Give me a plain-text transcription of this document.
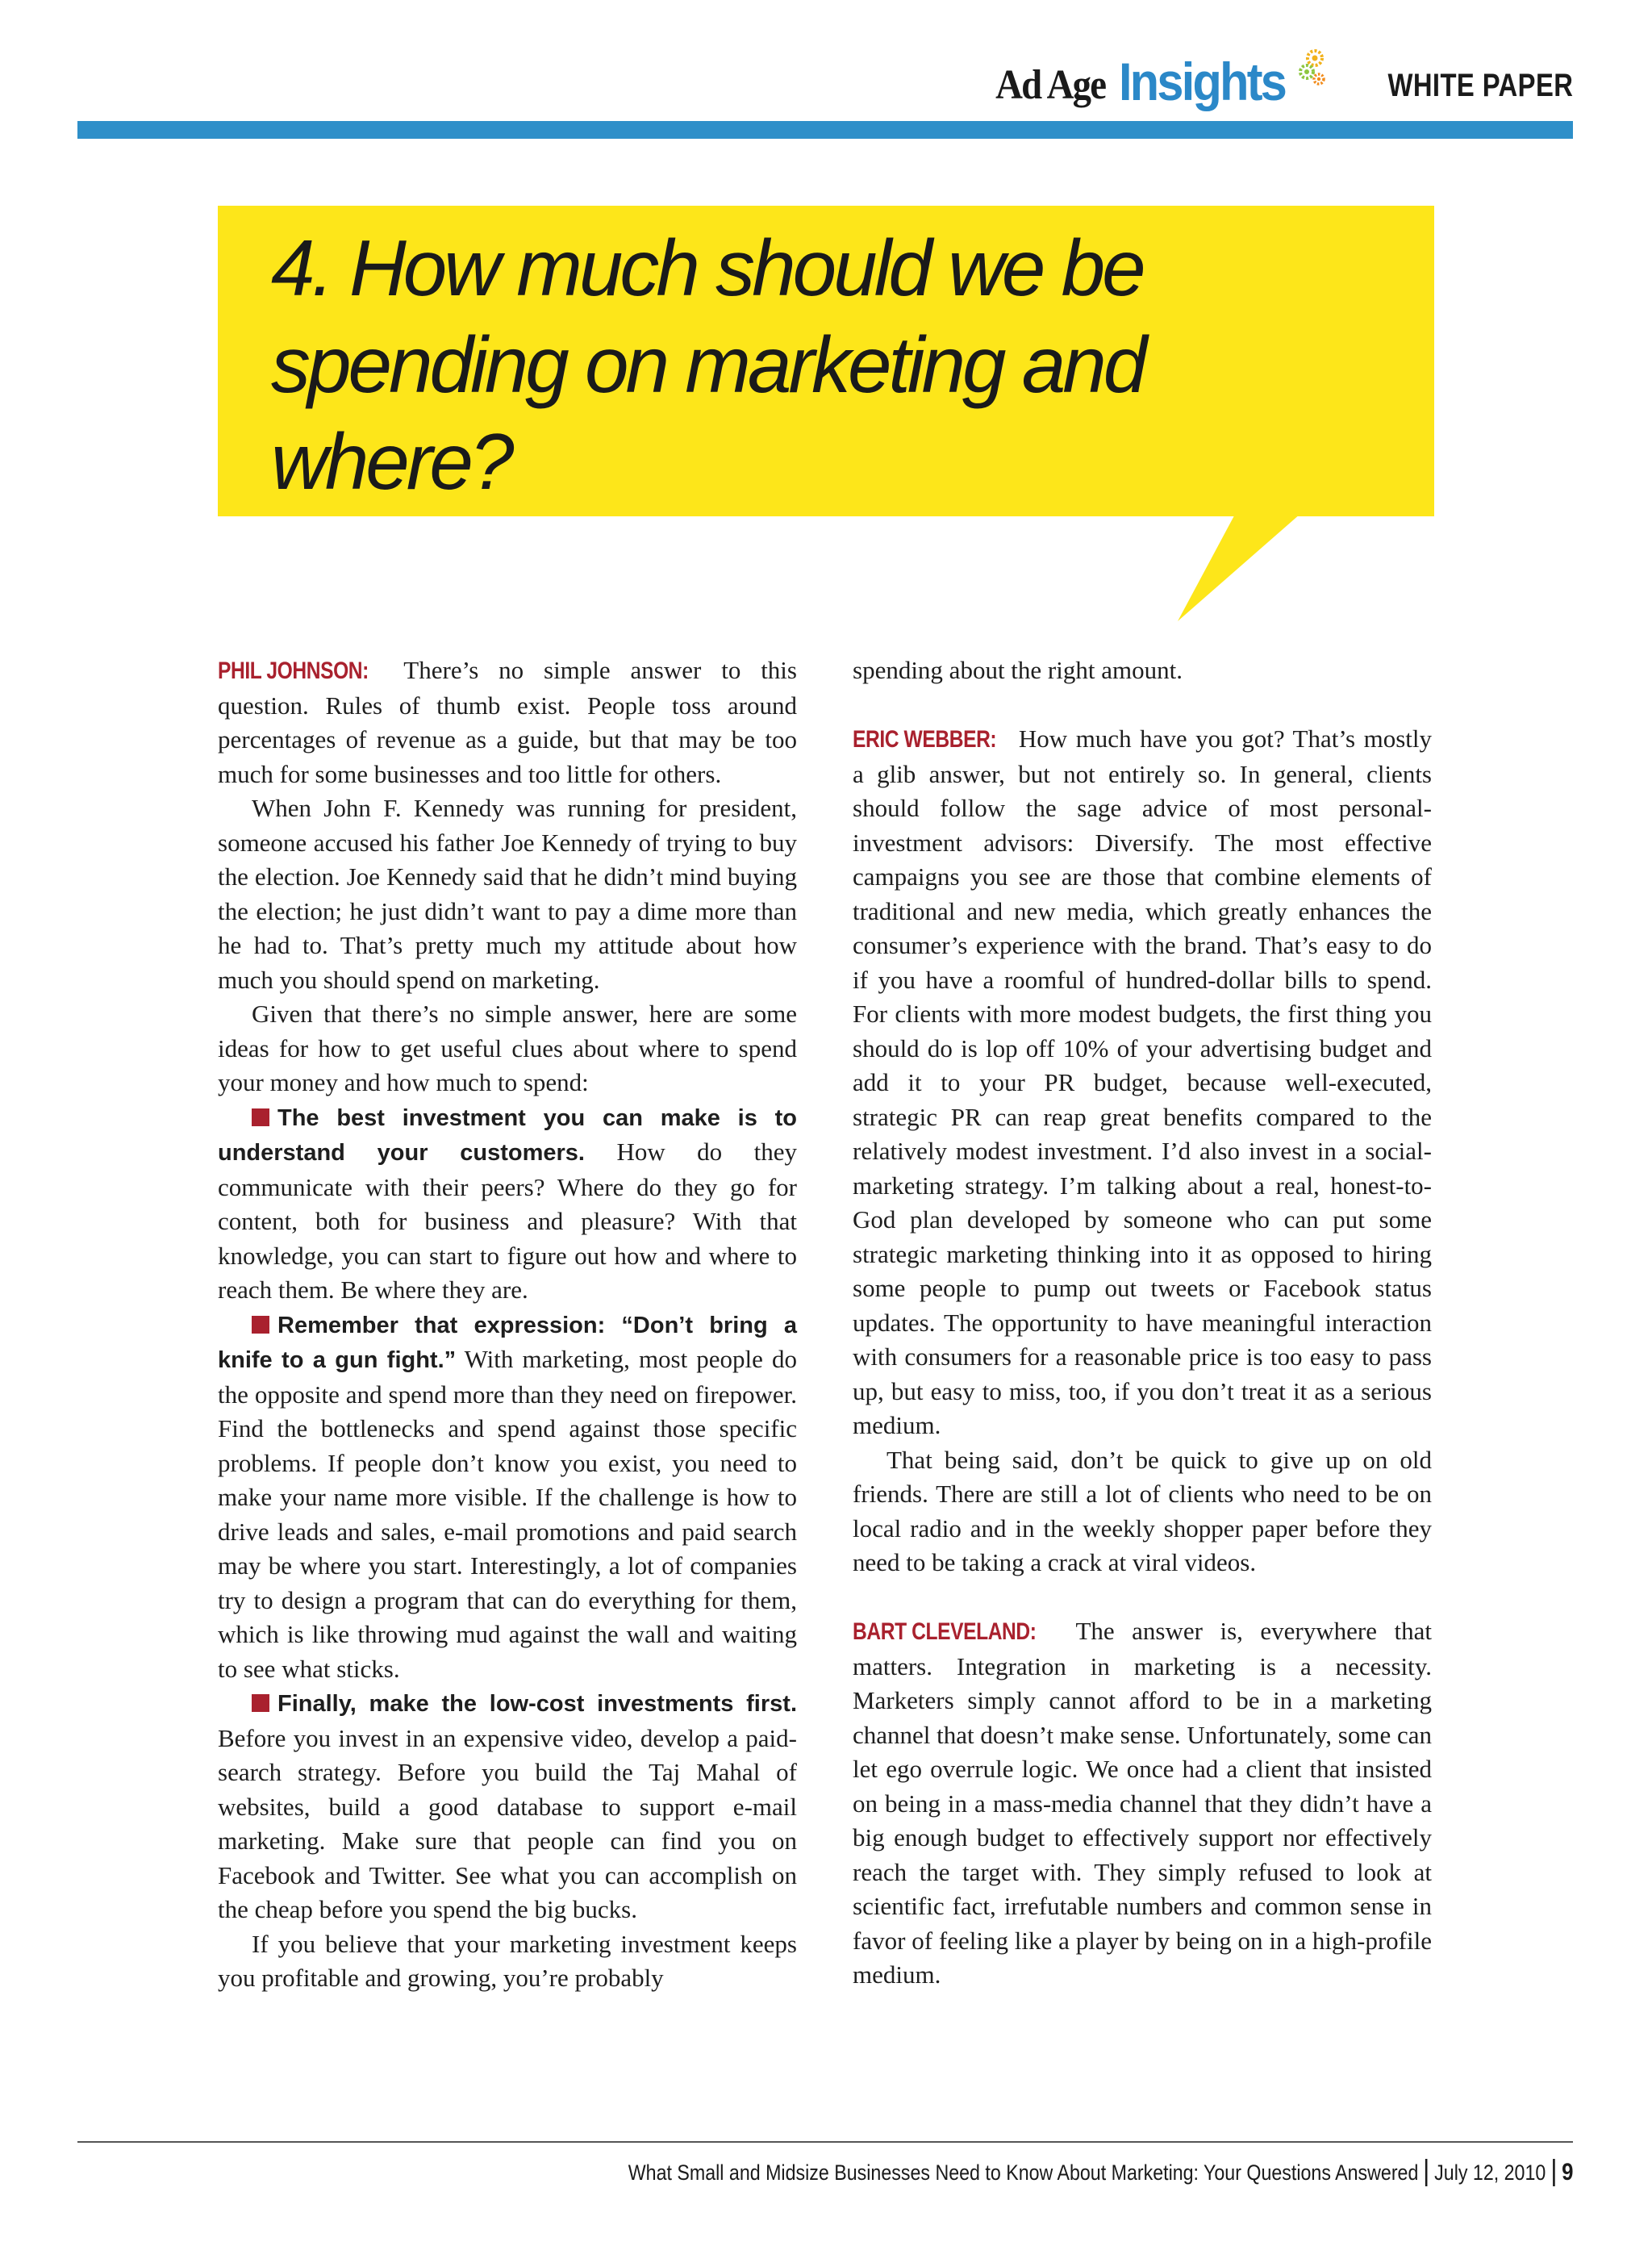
Ad Age Insights	WHITE PAPER
4. How much should we be
spending on marketing and
where?

PHIL JOHNSON: There’s no simple answer to this question. Rules of thumb exist. People toss around percentages of revenue as a guide, but that may be too much for some businesses and too little for others.

When John F. Kennedy was running for president, someone accused his father Joe Kennedy of trying to buy the election. Joe Kennedy said that he didn’t mind buying the election; he just didn’t want to pay a dime more than he had to. That’s pretty much my attitude about how much you should spend on marketing.

Given that there’s no simple answer, here are some ideas for how to get useful clues about where to spend your money and how much to spend:

The best investment you can make is to understand your customers. How do they communicate with their peers? Where do they go for content, both for business and pleasure? With that knowledge, you can start to figure out how and where to reach them. Be where they are.

Remember that expression: “Don’t bring a knife to a gun fight.” With marketing, most people do the opposite and spend more than they need on firepower. Find the bottlenecks and spend against those specific problems. If people don’t know you exist, you need to make your name more visible. If the challenge is how to drive leads and sales, e-mail promotions and paid search may be where you start. Interestingly, a lot of companies try to design a program that can do everything for them, which is like throwing mud against the wall and waiting to see what sticks.

Finally, make the low-cost investments first. Before you invest in an expensive video, develop a paid-search strategy. Before you build the Taj Mahal of websites, build a good database to support e-mail marketing. Make sure that people can find you on Facebook and Twitter. See what you can accomplish on the cheap before you spend the big bucks.

If you believe that your marketing investment keeps you profitable and growing, you’re probably

spending about the right amount.

ERIC WEBBER: How much have you got? That’s mostly a glib answer, but not entirely so. In general, clients should follow the sage advice of most personal-investment advisors: Diversify. The most effective campaigns you see are those that combine elements of traditional and new media, which greatly enhances the consumer’s experience with the brand. That’s easy to do if you have a roomful of hundred-dollar bills to spend. For clients with more modest budgets, the first thing you should do is lop off 10% of your advertising budget and add it to your PR budget, because well-executed, strategic PR can reap great benefits compared to the relatively modest investment. I’d also invest in a social-marketing strategy. I’m talking about a real, honest-to-God plan developed by someone who can put some strategic marketing thinking into it as opposed to hiring some people to pump out tweets or Facebook status updates. The opportunity to have meaningful interaction with consumers for a reasonable price is too easy to pass up, but easy to miss, too, if you don’t treat it as a serious medium.

That being said, don’t be quick to give up on old friends. There are still a lot of clients who need to be on local radio and in the weekly shopper paper before they need to be taking a crack at viral videos.

BART CLEVELAND: The answer is, everywhere that matters. Integration in marketing is a necessity. Marketers simply cannot afford to be in a marketing channel that doesn’t make sense. Unfortunately, some can let ego overrule logic. We once had a client that insisted on being in a mass-media channel that they didn’t have a big enough budget to effectively support nor effectively reach the target with. They simply refused to look at scientific fact, irrefutable numbers and common sense in favor of feeling like a player by being on in a high-profile medium.

What Small and Midsize Businesses Need to Know About Marketing: Your Questions Answered July 12, 2010 9
